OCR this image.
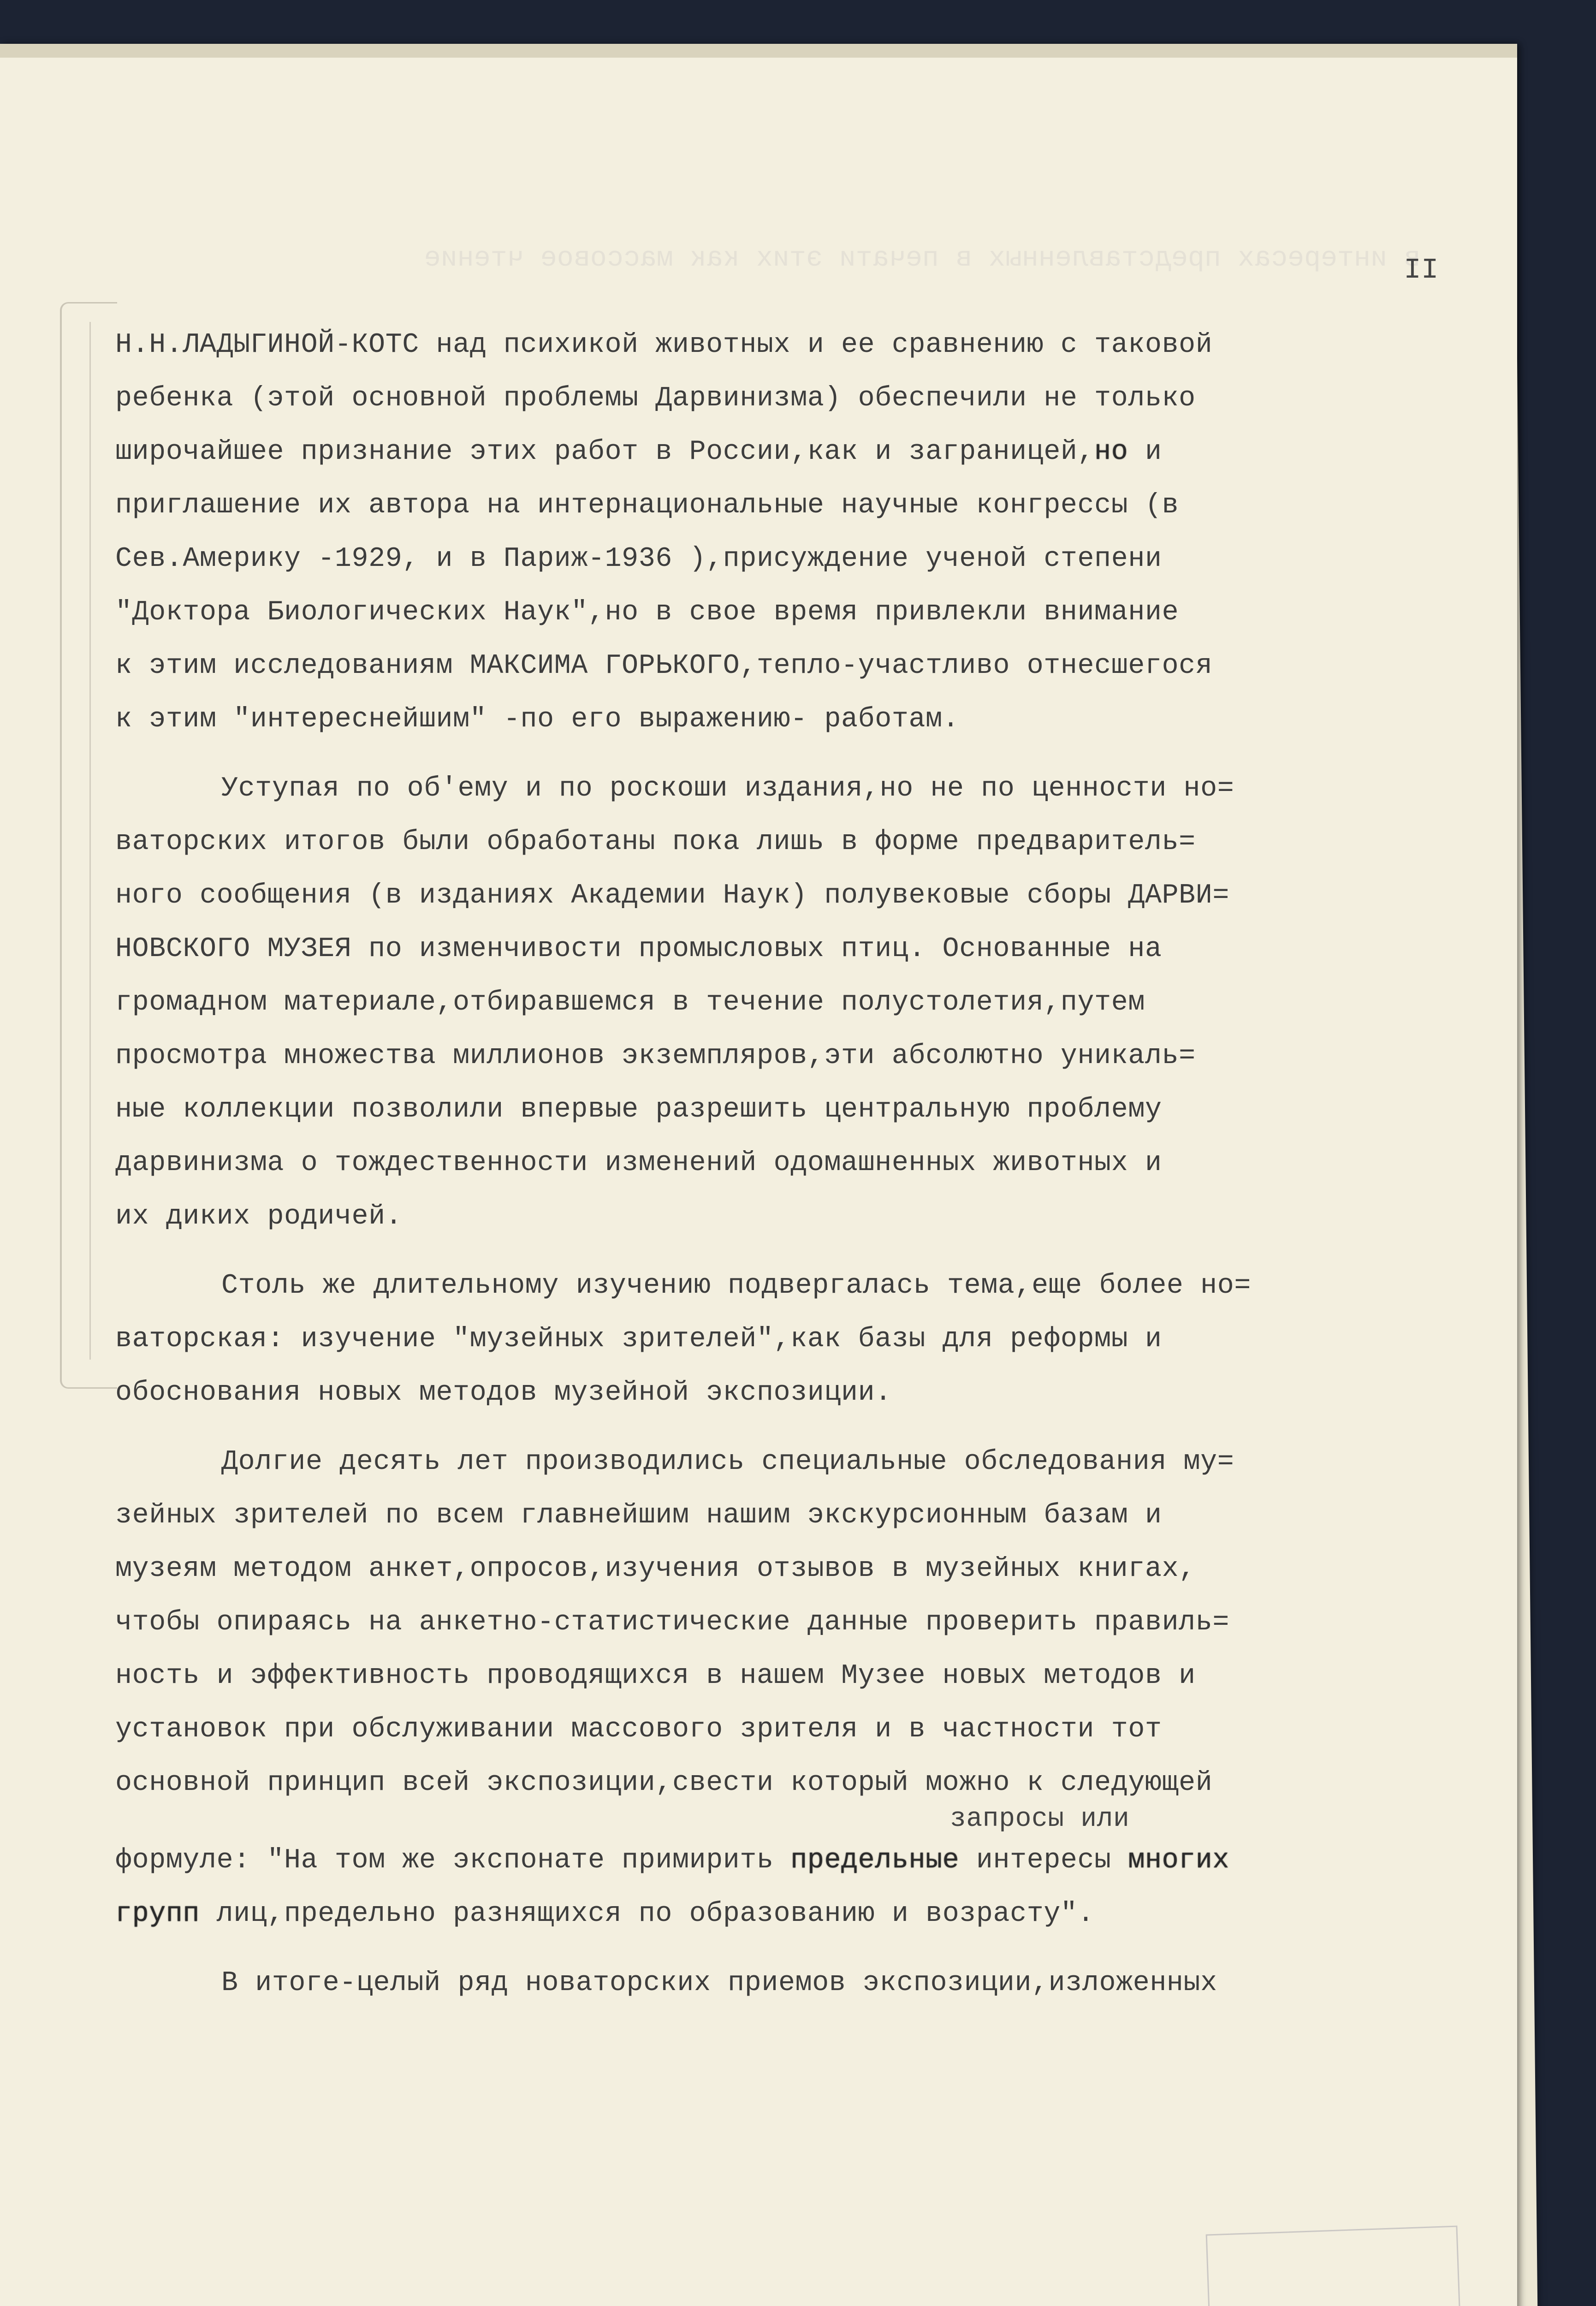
в интересах представленных в печати этих как массовое чтение

	II
Н.Н.ЛАДЫГИНОЙ-КОТС над психикой животных и ее сравнению с таковой
ребенка (этой основной проблемы Дарвинизма) обеспечили не только
широчайшее признание этих работ в России,как и заграницей,но и
приглашение их автора на интернациональные научные конгрессы (в
Сев.Америку -1929, и в Париж-1936 ),присуждение ученой степени
"Доктора Биологических Наук",но в свое время привлекли внимание
к этим исследованиям МАКСИМА ГОРЬКОГО,тепло-участливо отнесшегося
к этим "интереснейшим" -по его выражению- работам.
Уступая по об'ему и по роскоши издания,но не по ценности но=
ваторских итогов были обработаны пока лишь в форме предваритель=
ного сообщения (в изданиях Академии Наук) полувековые сборы ДАРВИ=
НОВСКОГО МУЗЕЯ по изменчивости промысловых птиц. Основанные на
громадном материале,отбиравшемся в течение полустолетия,путем
просмотра множества миллионов экземпляров,эти абсолютно уникаль=
ные коллекции позволили впервые разрешить центральную проблему
дарвинизма о тождественности изменений одомашненных животных и
их диких родичей.
Столь же длительному изучению подвергалась тема,еще более но=
ваторская: изучение "музейных зрителей",как базы для реформы и
обоснования новых методов музейной экспозиции.
Долгие десять лет производились специальные обследования му=
зейных зрителей по всем главнейшим нашим экскурсионным базам и
музеям методом анкет,опросов,изучения отзывов в музейных книгах,
чтобы опираясь на анкетно-статистические данные проверить правиль=
ность и эффективность проводящихся в нашем Музее новых методов и
установок при обслуживании массового зрителя и в частности тот
основной принцип всей экспозиции,свести который можно к следующей
запросы или
формуле: "На том же экспонате примирить предельные интересы многих
групп лиц,предельно разнящихся по образованию и возрасту".
В итоге-целый ряд новаторских приемов экспозиции,изложенных
